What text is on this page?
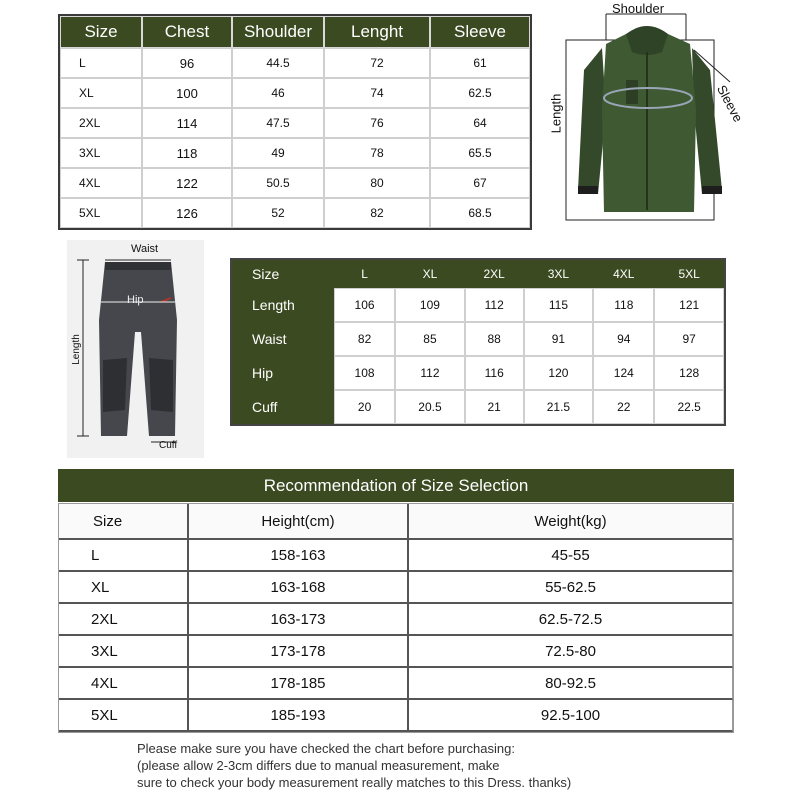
Size	Chest	Shoulder	Lenght	Sleeve
L	96	44.5	72	61
XL	100	46	74	62.5
2XL	114	47.5	76	64
3XL	118	49	78	65.5
4XL	122	50.5	80	67
5XL	126	52	82	68.5
Shoulder
Length	Sleeve
Waist
Hip
Length
Cuff
Size	L	XL	2XL	3XL	4XL	5XL
Length	106	109	112	115	118	121
Waist	82	85	88	91	94	97
Hip	108	112	116	120	124	128
Cuff	20	20.5	21	21.5	22	22.5
Recommendation of Size Selection
Size	Height(cm)	Weight(kg)
L	158-163	45-55
XL	163-168	55-62.5
2XL	163-173	62.5-72.5
3XL	173-178	72.5-80
4XL	178-185	80-92.5
5XL	185-193	92.5-100
Please make sure you have checked the chart before purchasing:
(please allow 2-3cm differs due to manual measurement, make
sure to check your body measurement really matches to this Dress. thanks)
